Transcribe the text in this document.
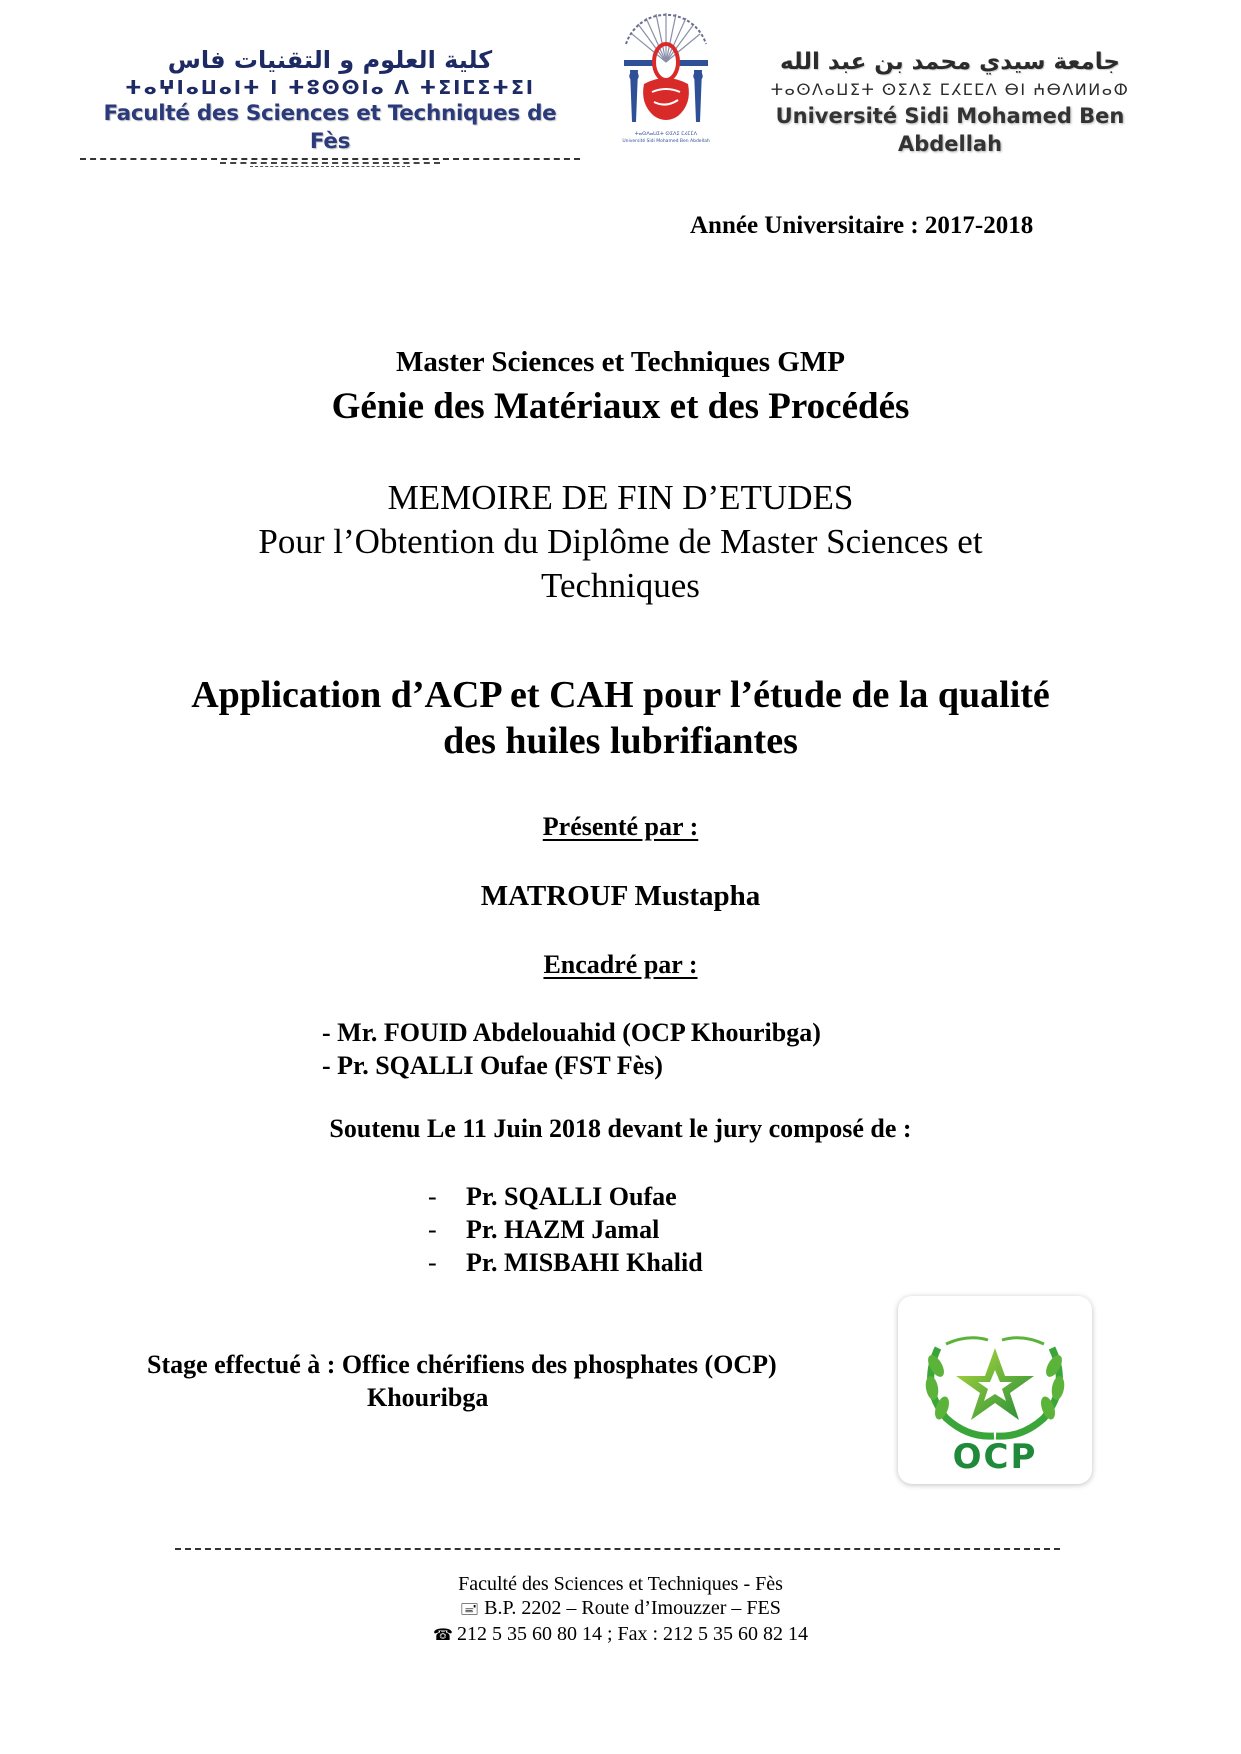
كلية العلوم و التقنيات فاس
ⵜⴰⵖⵏⴰⵡⴰⵏⵜ ⵏ ⵜⵓⵙⵙⵏⴰ ⴷ ⵜⵉⵏⵎⵉⵜⵉⵏ
Faculté des Sciences et Techniques de Fès	ⵜⴰⵙⴷⴰⵡⵉⵜ ⵙⵉⴷⵉ ⵎⵃⵎⵎⴷ
Université Sidi Mohamed Ben Abdellah
جامعة سيدي محمد بن عبد الله
ⵜⴰⵙⴷⴰⵡⵉⵜ ⵙⵉⴷⵉ ⵎⵃⵎⵎⴷ ⴱⵏ ⵄⴱⴷⵍⵍⴰⵀ
Université Sidi Mohamed Ben Abdellah
Année Universitaire : 2017-2018
Master Sciences et Techniques GMP
Génie des Matériaux et des Procédés
MEMOIRE DE FIN D’ETUDES
Pour l’Obtention du Diplôme de Master Sciences et
Techniques
Application d’ACP et CAH pour l’étude de la qualité
des huiles lubrifiantes
Présenté par :
MATROUF Mustapha
Encadré par :
- Mr. FOUID Abdelouahid (OCP Khouribga)
- Pr. SQALLI Oufae (FST Fès)
Soutenu Le 11 Juin 2018 devant le jury composé de :
- Pr. SQALLI Oufae
- Pr. HAZM Jamal
- Pr. MISBAHI Khalid
Stage effectué à : Office chérifiens des phosphates (OCP)
Khouribga
OCP
Faculté des Sciences et Techniques - Fès
🖃 B.P. 2202 – Route d’Imouzzer – FES
☎ 212 5 35 60 80 14 ; Fax : 212 5 35 60 82 14
